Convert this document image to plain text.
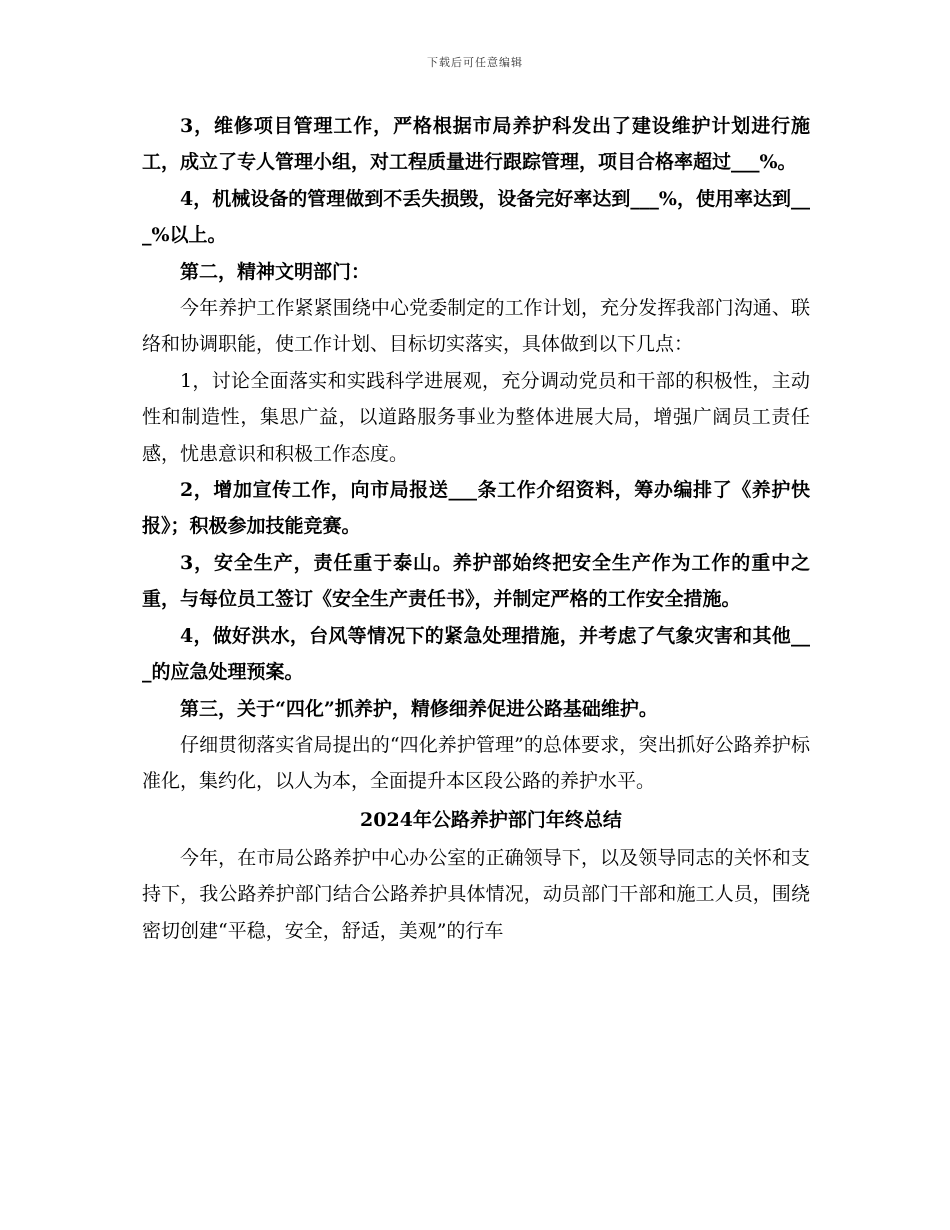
下载后可任意编辑

3，维修项目管理工作，严格根据市局养护科发出了建设维护计划进行施工，成立了专人管理小组，对工程质量进行跟踪管理，项目合格率超过___%。

4，机械设备的管理做到不丢失损毁，设备完好率达到___%，使用率达到___%以上。

第二，精神文明部门：

今年养护工作紧紧围绕中心党委制定的工作计划，充分发挥我部门沟通、联络和协调职能，使工作计划、目标切实落实，具体做到以下几点：

1，讨论全面落实和实践科学进展观，充分调动党员和干部的积极性，主动性和制造性，集思广益，以道路服务事业为整体进展大局，增强广阔员工责任感，忧患意识和积极工作态度。

2，增加宣传工作，向市局报送___条工作介绍资料，筹办编排了《养护快报》；积极参加技能竞赛。

3，安全生产，责任重于泰山。养护部始终把安全生产作为工作的重中之重，与每位员工签订《安全生产责任书》，并制定严格的工作安全措施。

4，做好洪水，台风等情况下的紧急处理措施，并考虑了气象灾害和其他___的应急处理预案。

第三，关于“四化”抓养护，精修细养促进公路基础维护。

仔细贯彻落实省局提出的“四化养护管理”的总体要求，突出抓好公路养护标准化，集约化，以人为本，全面提升本区段公路的养护水平。

2024年公路养护部门年终总结

今年，在市局公路养护中心办公室的正确领导下，以及领导同志的关怀和支持下，我公路养护部门结合公路养护具体情况，动员部门干部和施工人员，围绕密切创建“平稳，安全，舒适，美观”的行车
